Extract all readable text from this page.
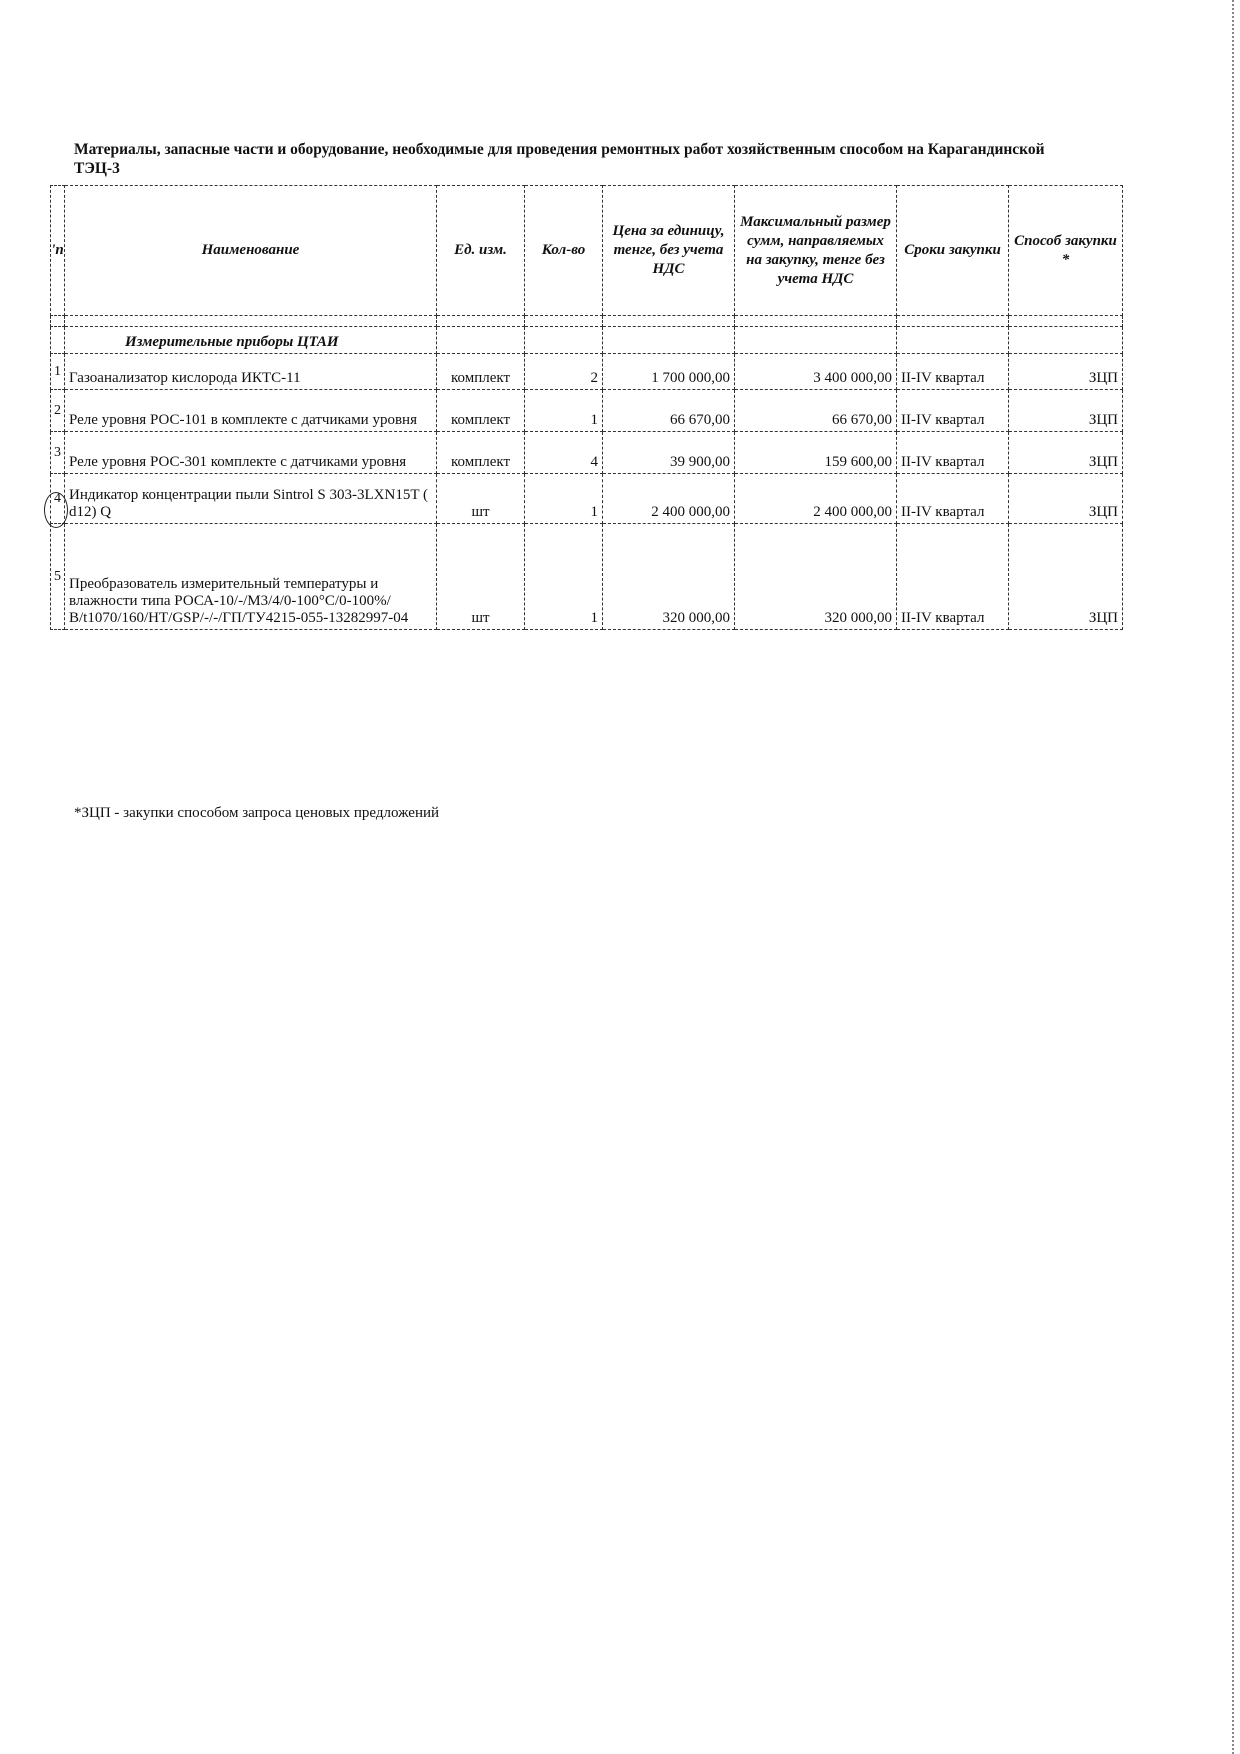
Материалы, запасные части и оборудование, необходимые для проведения ремонтных работ хозяйственным способом на Карагандинской ТЭЦ-3
'п	Наименование	Ед. изм.	Кол-во	Цена за единицу, тенге, без учета НДС	Максимальный размер сумм, направляемых на закупку, тенге без учета НДС	Сроки закупки	Способ закупки *

	Измерительные приборы ЦТАИ						
1	Газоанализатор кислорода ИКТС-11	комплект	2	1 700 000,00	3 400 000,00	II-IV квартал	ЗЦП
2	Реле уровня РОС-101 в комплекте с датчиками уровня	комплект	1	66 670,00	66 670,00	II-IV квартал	ЗЦП
3	Реле уровня РОС-301 комплекте с датчиками уровня	комплект	4	39 900,00	159 600,00	II-IV квартал	ЗЦП
4	Индикатор концентрации пыли Sintrol S 303-3LXN15T ( d12) Q	шт	1	2 400 000,00	2 400 000,00	II-IV квартал	ЗЦП
5	Преобразователь измерительный температуры и влажности типа РОСА-10/-/М3/4/0-100°С/0-100%/В/t1070/160/НТ/GSP/-/-/ГП/ТУ4215-055-13282997-04	шт	1	320 000,00	320 000,00	II-IV квартал	ЗЦП
*ЗЦП - закупки способом запроса ценовых предложений
